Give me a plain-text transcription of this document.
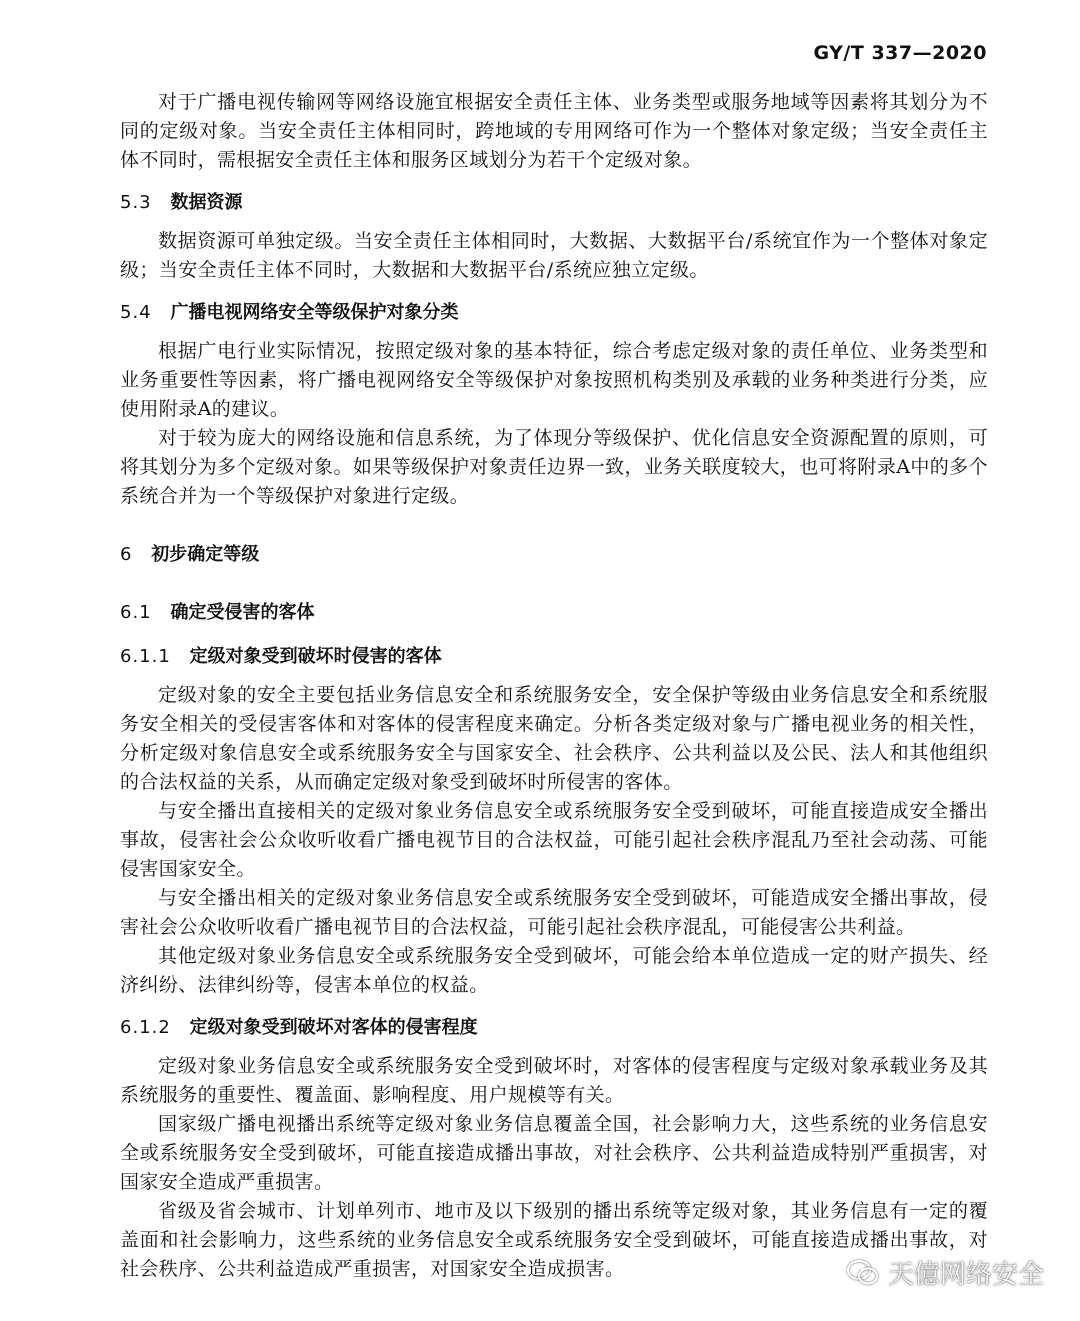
GY/T 337—2020

对于广播电视传输网等网络设施宜根据安全责任主体、业务类型或服务地域等因素将其划分为不同的定级对象。当安全责任主体相同时，跨地域的专用网络可作为一个整体对象定级；当安全责任主体不同时，需根据安全责任主体和服务区域划分为若干个定级对象。

5.3 数据资源

数据资源可单独定级。当安全责任主体相同时，大数据、大数据平台/系统宜作为一个整体对象定级；当安全责任主体不同时，大数据和大数据平台/系统应独立定级。

5.4 广播电视网络安全等级保护对象分类

根据广电行业实际情况，按照定级对象的基本特征，综合考虑定级对象的责任单位、业务类型和业务重要性等因素，将广播电视网络安全等级保护对象按照机构类别及承载的业务种类进行分类，应使用附录A的建议。

对于较为庞大的网络设施和信息系统，为了体现分等级保护、优化信息安全资源配置的原则，可将其划分为多个定级对象。如果等级保护对象责任边界一致，业务关联度较大，也可将附录A中的多个系统合并为一个等级保护对象进行定级。

6 初步确定等级
6.1 确定受侵害的客体
6.1.1 定级对象受到破坏时侵害的客体

定级对象的安全主要包括业务信息安全和系统服务安全，安全保护等级由业务信息安全和系统服务安全相关的受侵害客体和对客体的侵害程度来确定。分析各类定级对象与广播电视业务的相关性，分析定级对象信息安全或系统服务安全与国家安全、社会秩序、公共利益以及公民、法人和其他组织的合法权益的关系，从而确定定级对象受到破坏时所侵害的客体。

与安全播出直接相关的定级对象业务信息安全或系统服务安全受到破坏，可能直接造成安全播出事故，侵害社会公众收听收看广播电视节目的合法权益，可能引起社会秩序混乱乃至社会动荡、可能侵害国家安全。

与安全播出相关的定级对象业务信息安全或系统服务安全受到破坏，可能造成安全播出事故，侵害社会公众收听收看广播电视节目的合法权益，可能引起社会秩序混乱，可能侵害公共利益。

其他定级对象业务信息安全或系统服务安全受到破坏，可能会给本单位造成一定的财产损失、经济纠纷、法律纠纷等，侵害本单位的权益。

6.1.2 定级对象受到破坏对客体的侵害程度

定级对象业务信息安全或系统服务安全受到破坏时，对客体的侵害程度与定级对象承载业务及其系统服务的重要性、覆盖面、影响程度、用户规模等有关。

国家级广播电视播出系统等定级对象业务信息覆盖全国，社会影响力大，这些系统的业务信息安全或系统服务安全受到破坏，可能直接造成播出事故，对社会秩序、公共利益造成特别严重损害，对国家安全造成严重损害。

省级及省会城市、计划单列市、地市及以下级别的播出系统等定级对象，其业务信息有一定的覆盖面和社会影响力，这些系统的业务信息安全或系统服务安全受到破坏，可能直接造成播出事故，对社会秩序、公共利益造成严重损害，对国家安全造成损害。	天億网络安全
